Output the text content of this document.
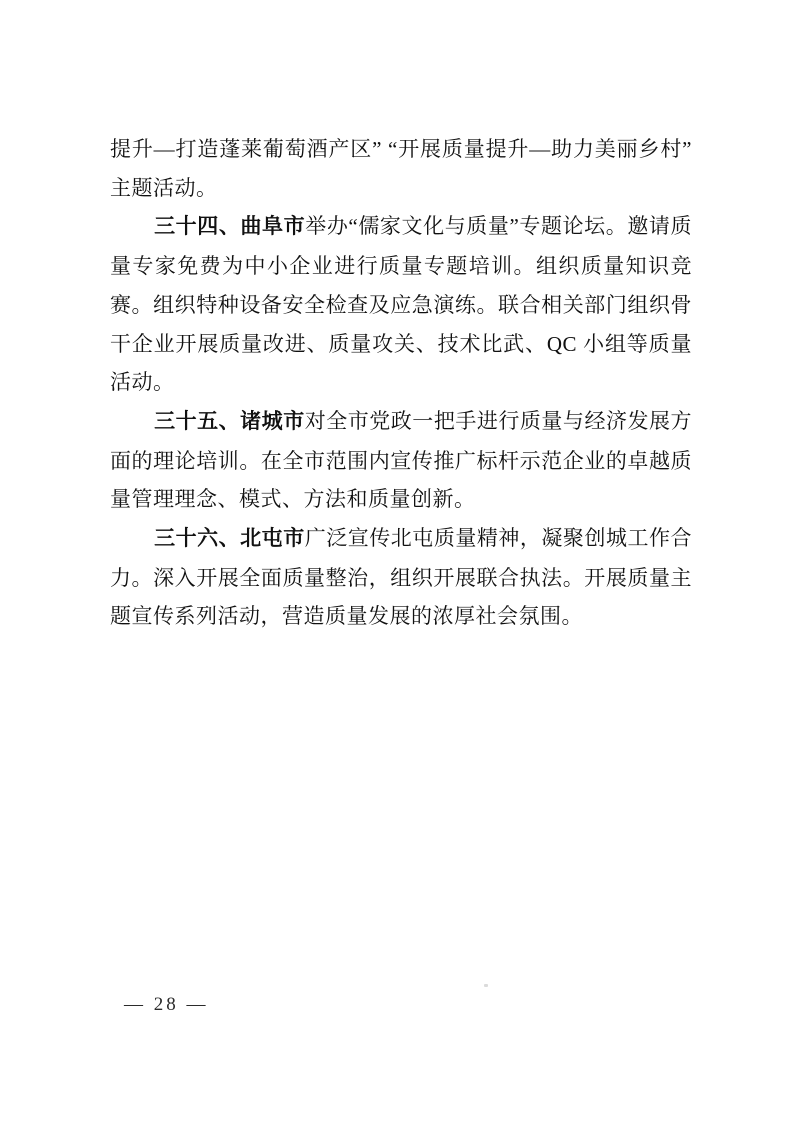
提升—打造蓬莱葡萄酒产区” “开展质量提升—助力美丽乡村”主题活动。

三十四、曲阜市举办“儒家文化与质量”专题论坛。邀请质量专家免费为中小企业进行质量专题培训。组织质量知识竞赛。组织特种设备安全检查及应急演练。联合相关部门组织骨干企业开展质量改进、质量攻关、技术比武、QC 小组等质量活动。

三十五、诸城市对全市党政一把手进行质量与经济发展方面的理论培训。在全市范围内宣传推广标杆示范企业的卓越质量管理理念、模式、方法和质量创新。

三十六、北屯市广泛宣传北屯质量精神，凝聚创城工作合力。深入开展全面质量整治，组织开展联合执法。开展质量主题宣传系列活动，营造质量发展的浓厚社会氛围。

— 28 —
